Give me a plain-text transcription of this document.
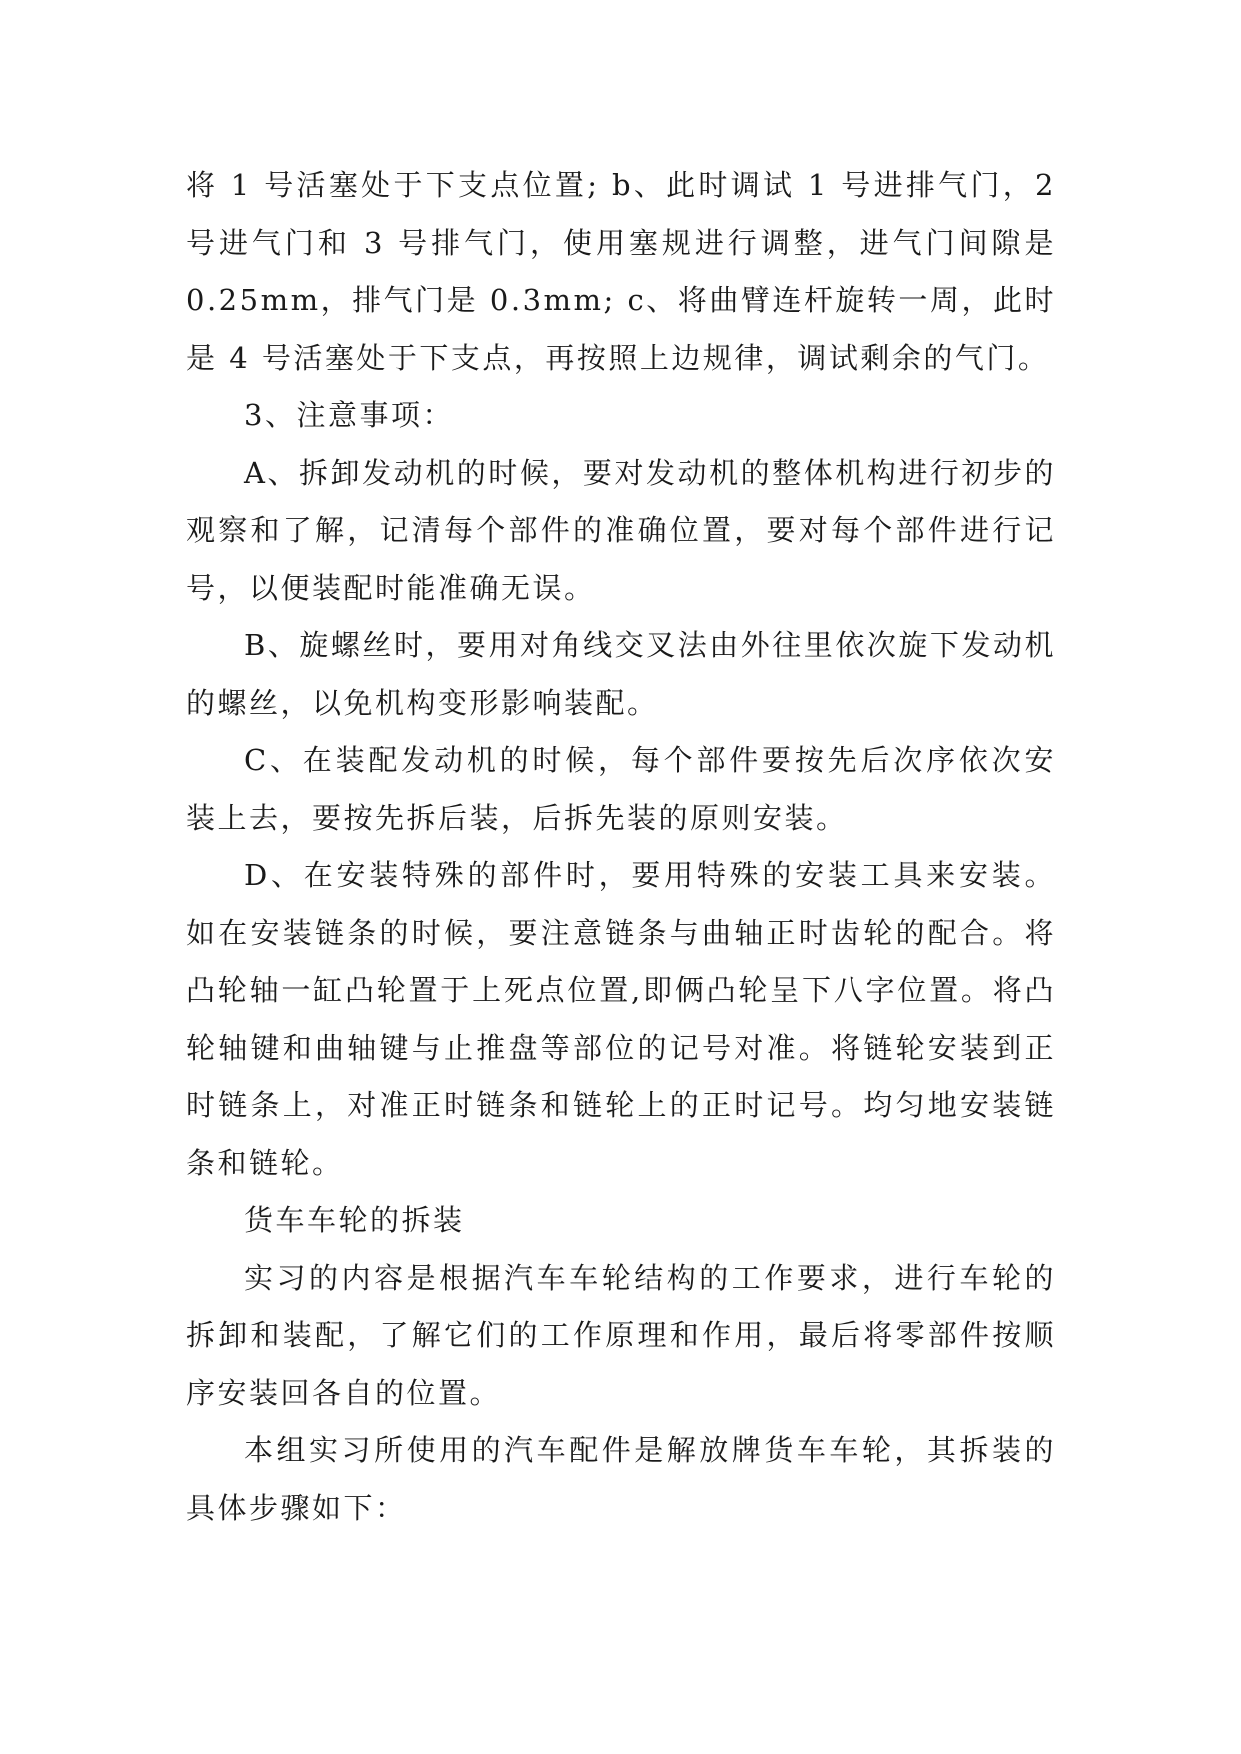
将 1 号活塞处于下支点位置; b、此时调试 1 号进排气门，2 号进气门和 3 号排气门，使用塞规进行调整，进气门间隙是 0.25mm，排气门是 0.3mm; c、将曲臂连杆旋转一周，此时是 4 号活塞处于下支点，再按照上边规律，调试剩余的气门。

3、注意事项：

A、拆卸发动机的时候，要对发动机的整体机构进行初步的观察和了解，记清每个部件的准确位置，要对每个部件进行记号，以便装配时能准确无误。

B、旋螺丝时，要用对角线交叉法由外往里依次旋下发动机的螺丝，以免机构变形影响装配。

C、在装配发动机的时候，每个部件要按先后次序依次安装上去，要按先拆后装，后拆先装的原则安装。

D、在安装特殊的部件时，要用特殊的安装工具来安装。如在安装链条的时候，要注意链条与曲轴正时齿轮的配合。将凸轮轴一缸凸轮置于上死点位置,即俩凸轮呈下八字位置。将凸轮轴键和曲轴键与止推盘等部位的记号对准。将链轮安装到正时链条上，对准正时链条和链轮上的正时记号。均匀地安装链条和链轮。

货车车轮的拆装

实习的内容是根据汽车车轮结构的工作要求，进行车轮的拆卸和装配，了解它们的工作原理和作用，最后将零部件按顺序安装回各自的位置。

本组实习所使用的汽车配件是解放牌货车车轮，其拆装的具体步骤如下：
